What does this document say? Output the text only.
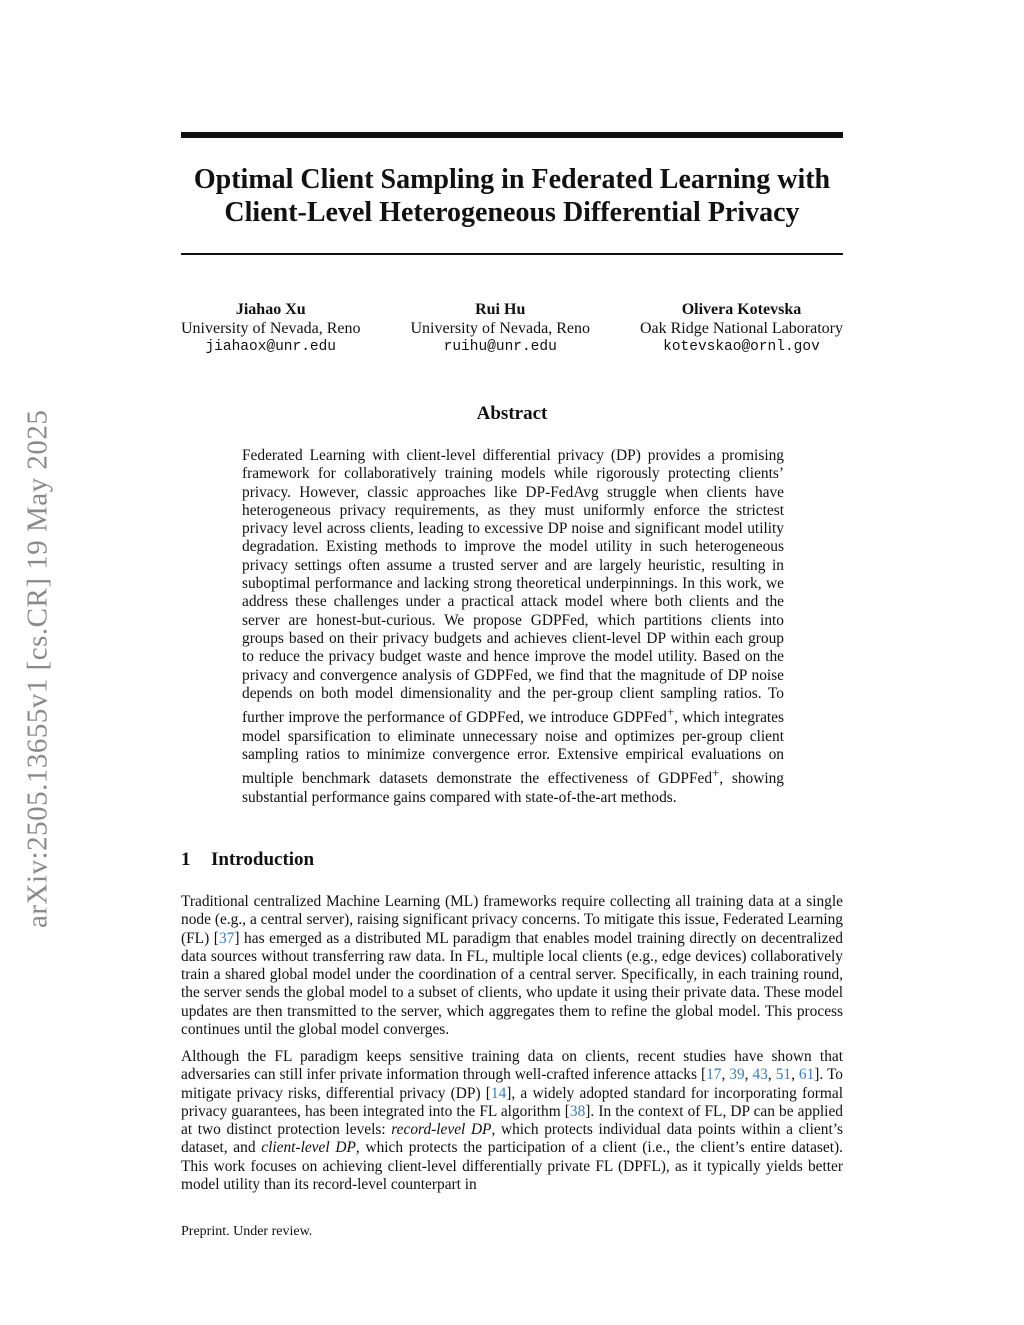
arXiv:2505.13655v1 [cs.CR] 19 May 2025
Optimal Client Sampling in Federated Learning with
Client-Level Heterogeneous Differential Privacy
Jiahao Xu
University of Nevada, Reno
jiahaox@unr.edu
Rui Hu
University of Nevada, Reno
ruihu@unr.edu
Olivera Kotevska
Oak Ridge National Laboratory
kotevskao@ornl.gov
Abstract
Federated Learning with client-level differential privacy (DP) provides a promising framework for collaboratively training models while rigorously protecting clients’ privacy. However, classic approaches like DP-FedAvg struggle when clients have heterogeneous privacy requirements, as they must uniformly enforce the strictest privacy level across clients, leading to excessive DP noise and significant model utility degradation. Existing methods to improve the model utility in such heterogeneous privacy settings often assume a trusted server and are largely heuristic, resulting in suboptimal performance and lacking strong theoretical underpinnings. In this work, we address these challenges under a practical attack model where both clients and the server are honest-but-curious. We propose GDPFed, which partitions clients into groups based on their privacy budgets and achieves client-level DP within each group to reduce the privacy budget waste and hence improve the model utility. Based on the privacy and convergence analysis of GDPFed, we find that the magnitude of DP noise depends on both model dimensionality and the per-group client sampling ratios. To further improve the performance of GDPFed, we introduce GDPFed+, which integrates model sparsification to eliminate unnecessary noise and optimizes per-group client sampling ratios to minimize convergence error. Extensive empirical evaluations on multiple benchmark datasets demonstrate the effectiveness of GDPFed+, showing substantial performance gains compared with state-of-the-art methods.
1 Introduction
Traditional centralized Machine Learning (ML) frameworks require collecting all training data at a single node (e.g., a central server), raising significant privacy concerns. To mitigate this issue, Federated Learning (FL) [37] has emerged as a distributed ML paradigm that enables model training directly on decentralized data sources without transferring raw data. In FL, multiple local clients (e.g., edge devices) collaboratively train a shared global model under the coordination of a central server. Specifically, in each training round, the server sends the global model to a subset of clients, who update it using their private data. These model updates are then transmitted to the server, which aggregates them to refine the global model. This process continues until the global model converges.
Although the FL paradigm keeps sensitive training data on clients, recent studies have shown that adversaries can still infer private information through well-crafted inference attacks [17, 39, 43, 51, 61]. To mitigate privacy risks, differential privacy (DP) [14], a widely adopted standard for incorporating formal privacy guarantees, has been integrated into the FL algorithm [38]. In the context of FL, DP can be applied at two distinct protection levels: record-level DP, which protects individual data points within a client’s dataset, and client-level DP, which protects the participation of a client (i.e., the client’s entire dataset). This work focuses on achieving client-level differentially private FL (DPFL), as it typically yields better model utility than its record-level counterpart in
Preprint. Under review.
